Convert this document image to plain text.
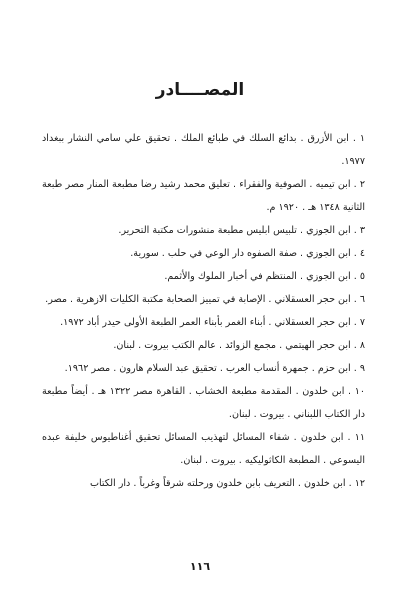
المصــــادر

١ . ابن الأزرق . بدائع السلك في طبائع الملك . تحقيق علي سامي النشار ببغداد ١٩٧٧.

٢ . ابن تيميه . الصوفية والفقراء . تعليق محمد رشيد رضا مطبعة المنار مصر طبعة الثانية ١٣٤٨ هـ . ١٩٢٠ م.

٣ . ابن الجوزي . تلبيس ابليس مطبعة منشورات مكتبة التحرير.

٤ . ابن الجوزي . صفة الصفوه دار الوعي في حلب . سورية.

٥ . ابن الجوزي . المنتظم في أخبار الملوك والأثمم.

٦ . ابن حجر العسقلاني . الإصابة في تمييز الصحابة مكتبة الكليات الازهرية . مصر.

٧ . ابن حجر العسقلاني . أبناء الغمر بأبناء العمر الطبعة الأولى حيدر أباد ١٩٧٢.

٨ . ابن حجر الهيتمي . مجمع الزوائد . عالم الكتب بيروت . لبنان.

٩ . ابن حزم . جمهرة أنساب العرب . تحقيق عبد السلام هارون . مصر ١٩٦٢.

١٠ . ابن خلدون . المقدمة مطبعة الخشاب . القاهرة مصر ١٣٢٢ هـ . أيضاً مطبعة دار الكتاب اللبناني . بيروت . لبنان.

١١ . ابن خلدون . شفاء المسائل لتهذيب المسائل تحقيق أغناطيوس خليفة عبده اليسوعي . المطبعة الكاثوليكيه . بيروت . لبنان.

١٢ . ابن خلدون . التعريف بابن خلدون ورحلته شرقاً وغرباً . دار الكتاب

١١٦
